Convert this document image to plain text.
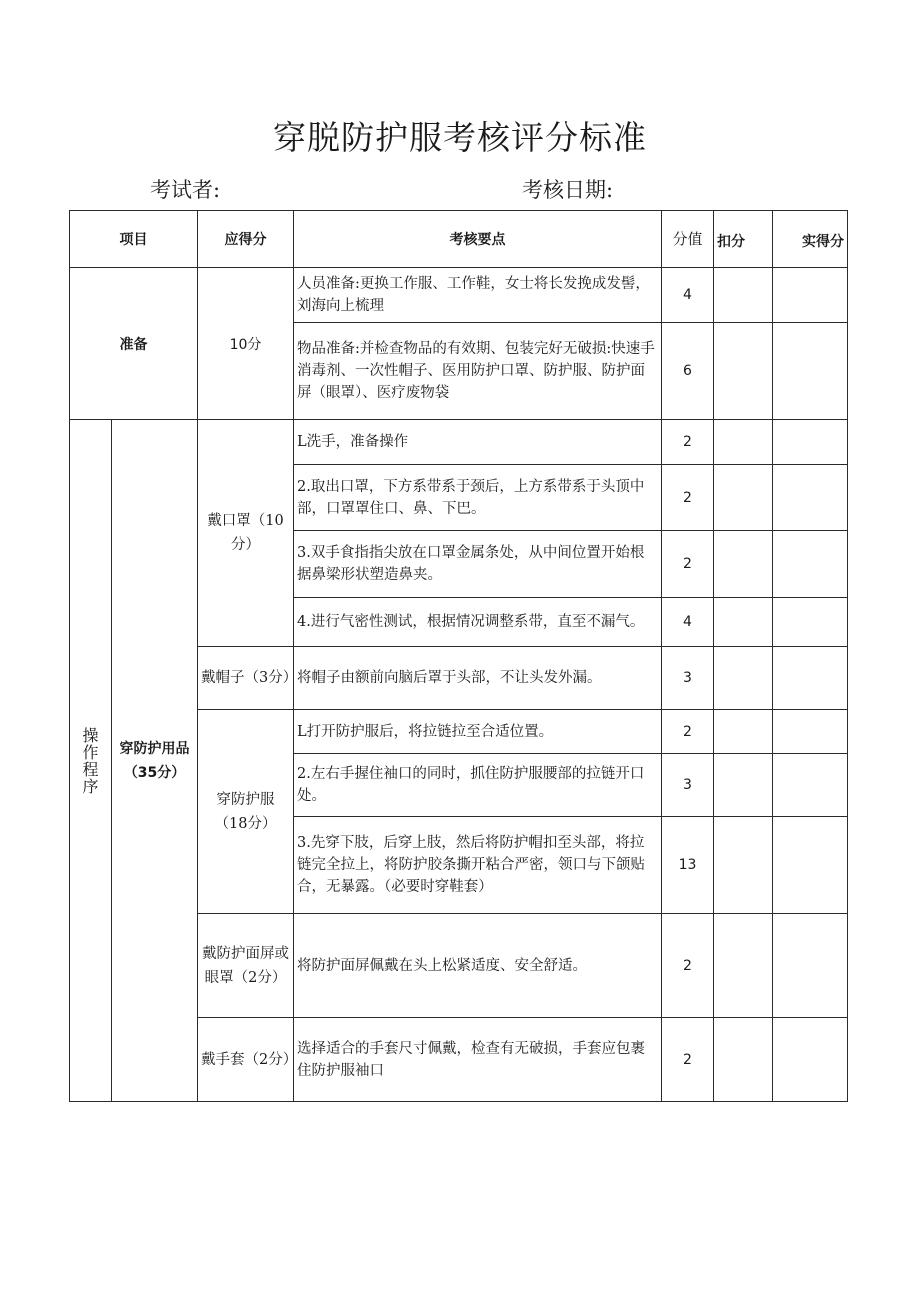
穿脱防护服考核评分标准
考试者:	考核日期:
项目		应得分	考核要点	分值	扣分	实得分
准备		10分	人员准备:更换工作服、工作鞋，女士将长发挽成发髻，刘海向上梳理	4		
			物品准备:并检查物品的有效期、包装完好无破损:快速手消毒剂、一次性帽子、医用防护口罩、防护服、防护面屏（眼罩）、医疗废物袋	6		
操
作
程
序	穿防护用品（35分）	戴口罩（10分）	L洗手，准备操作	2		
			2.取出口罩，下方系带系于颈后，上方系带系于头顶中部，口罩罩住口、鼻、下巴。	2		
			3.双手食指指尖放在口罩金属条处，从中间位置开始根据鼻梁形状塑造鼻夹。	2		
			4.进行气密性测试，根据情况调整系带，直至不漏气。	4		
		戴帽子（3分）	将帽子由额前向脑后罩于头部，不让头发外漏。	3		
		穿防护服（18分）	L打开防护服后，将拉链拉至合适位置。	2		
			2.左右手握住袖口的同时，抓住防护服腰部的拉链开口处。	3		
			3.先穿下肢，后穿上肢，然后将防护帽扣至头部，将拉链完全拉上，将防护胶条撕开粘合严密，领口与下颌贴合，无暴露。（必要时穿鞋套）	13		
		戴防护面屏或眼罩（2分）	将防护面屏佩戴在头上松紧适度、安全舒适。	2		
		戴手套（2分）	选择适合的手套尺寸佩戴，检查有无破损，手套应包裹住防护服袖口	2		
